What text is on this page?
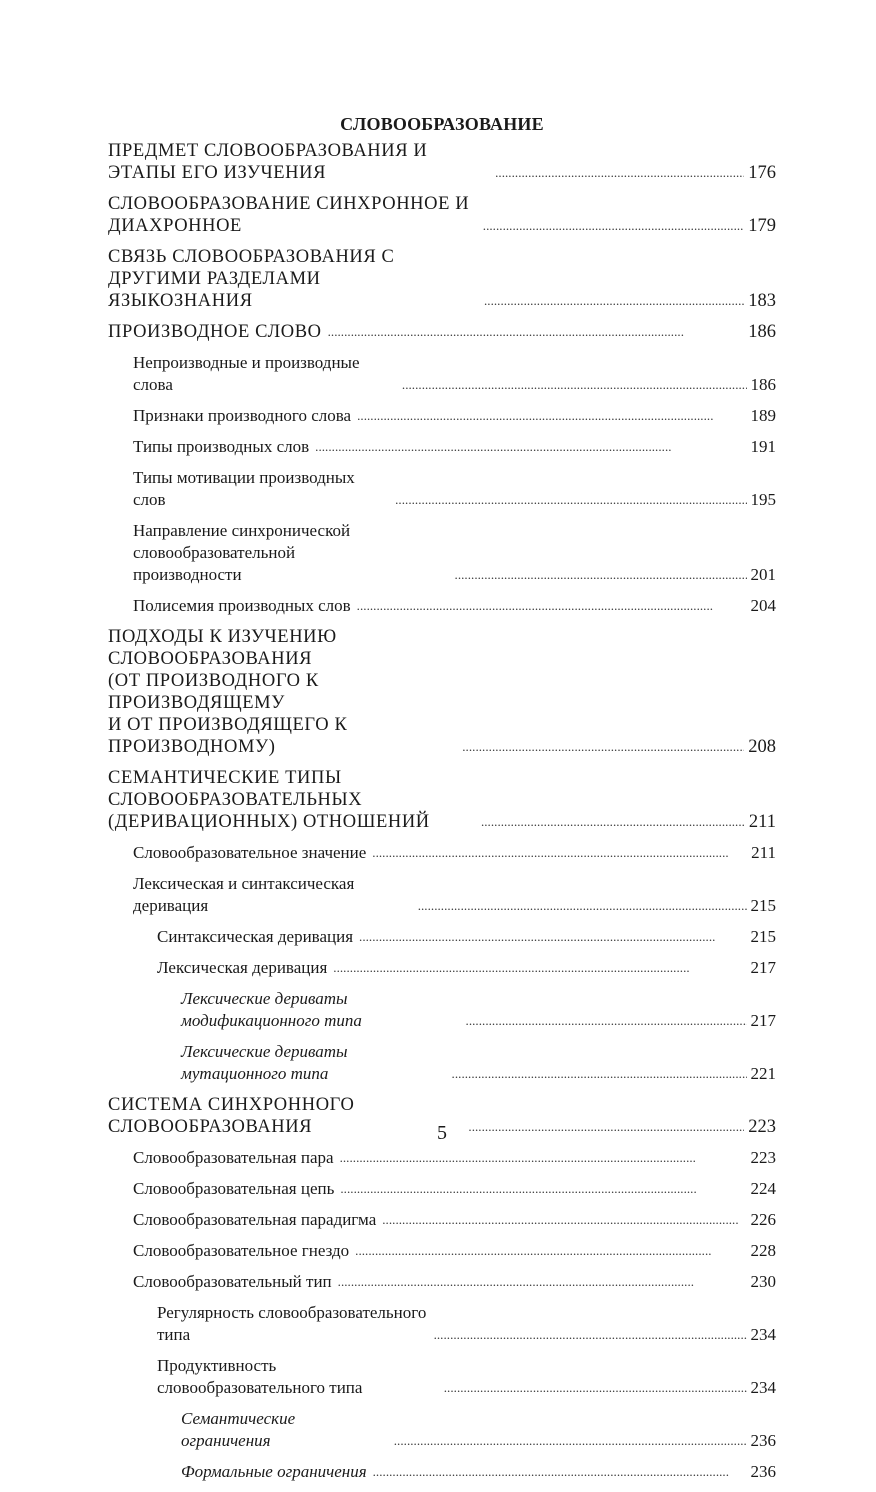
СЛОВООБРАЗОВАНИЕ
ПРЕДМЕТ СЛОВООБРАЗОВАНИЯ И ЭТАПЫ ЕГО ИЗУЧЕНИЯ . . .	176
СЛОВООБРАЗОВАНИЕ СИНХРОННОЕ И ДИАХРОННОЕ . . .	179
СВЯЗЬ СЛОВООБРАЗОВАНИЯ С ДРУГИМИ РАЗДЕЛАМИ
ЯЗЫКОЗНАНИЯ . . .	183
ПРОИЗВОДНОЕ СЛОВО . . .	186
Непроизводные и производные слова . . .	186
Признаки производного слова . . .	189
Типы производных слов . . .	191
Типы мотивации производных слов . . .	195
Направление синхронической словообразовательной
производности . . .	201
Полисемия производных слов . . .	204
ПОДХОДЫ К ИЗУЧЕНИЮ СЛОВООБРАЗОВАНИЯ
(ОТ ПРОИЗВОДНОГО К ПРОИЗВОДЯЩЕМУ
И ОТ ПРОИЗВОДЯЩЕГО К ПРОИЗВОДНОМУ) . . .	208
СЕМАНТИЧЕСКИЕ ТИПЫ СЛОВООБРАЗОВАТЕЛЬНЫХ
(ДЕРИВАЦИОННЫХ) ОТНОШЕНИЙ . . .	211
Словообразовательное значение . . .	211
Лексическая и синтаксическая деривация . . .	215
Синтаксическая деривация . . .	215
Лексическая деривация . . .	217
Лексические дериваты модификационного типа . . .	217
Лексические дериваты мутационного типа . . .	221
СИСТЕМА СИНХРОННОГО СЛОВООБРАЗОВАНИЯ . . .	223
Словообразовательная пара . . .	223
Словообразовательная цепь . . .	224
Словообразовательная парадигма . . .	226
Словообразовательное гнездо . . .	228
Словообразовательный тип . . .	230
Регулярность словообразовательного типа . . .	234
Продуктивность словообразовательного типа . . .	234
Семантические ограничения . . .	236
Формальные ограничения . . .	236
5
